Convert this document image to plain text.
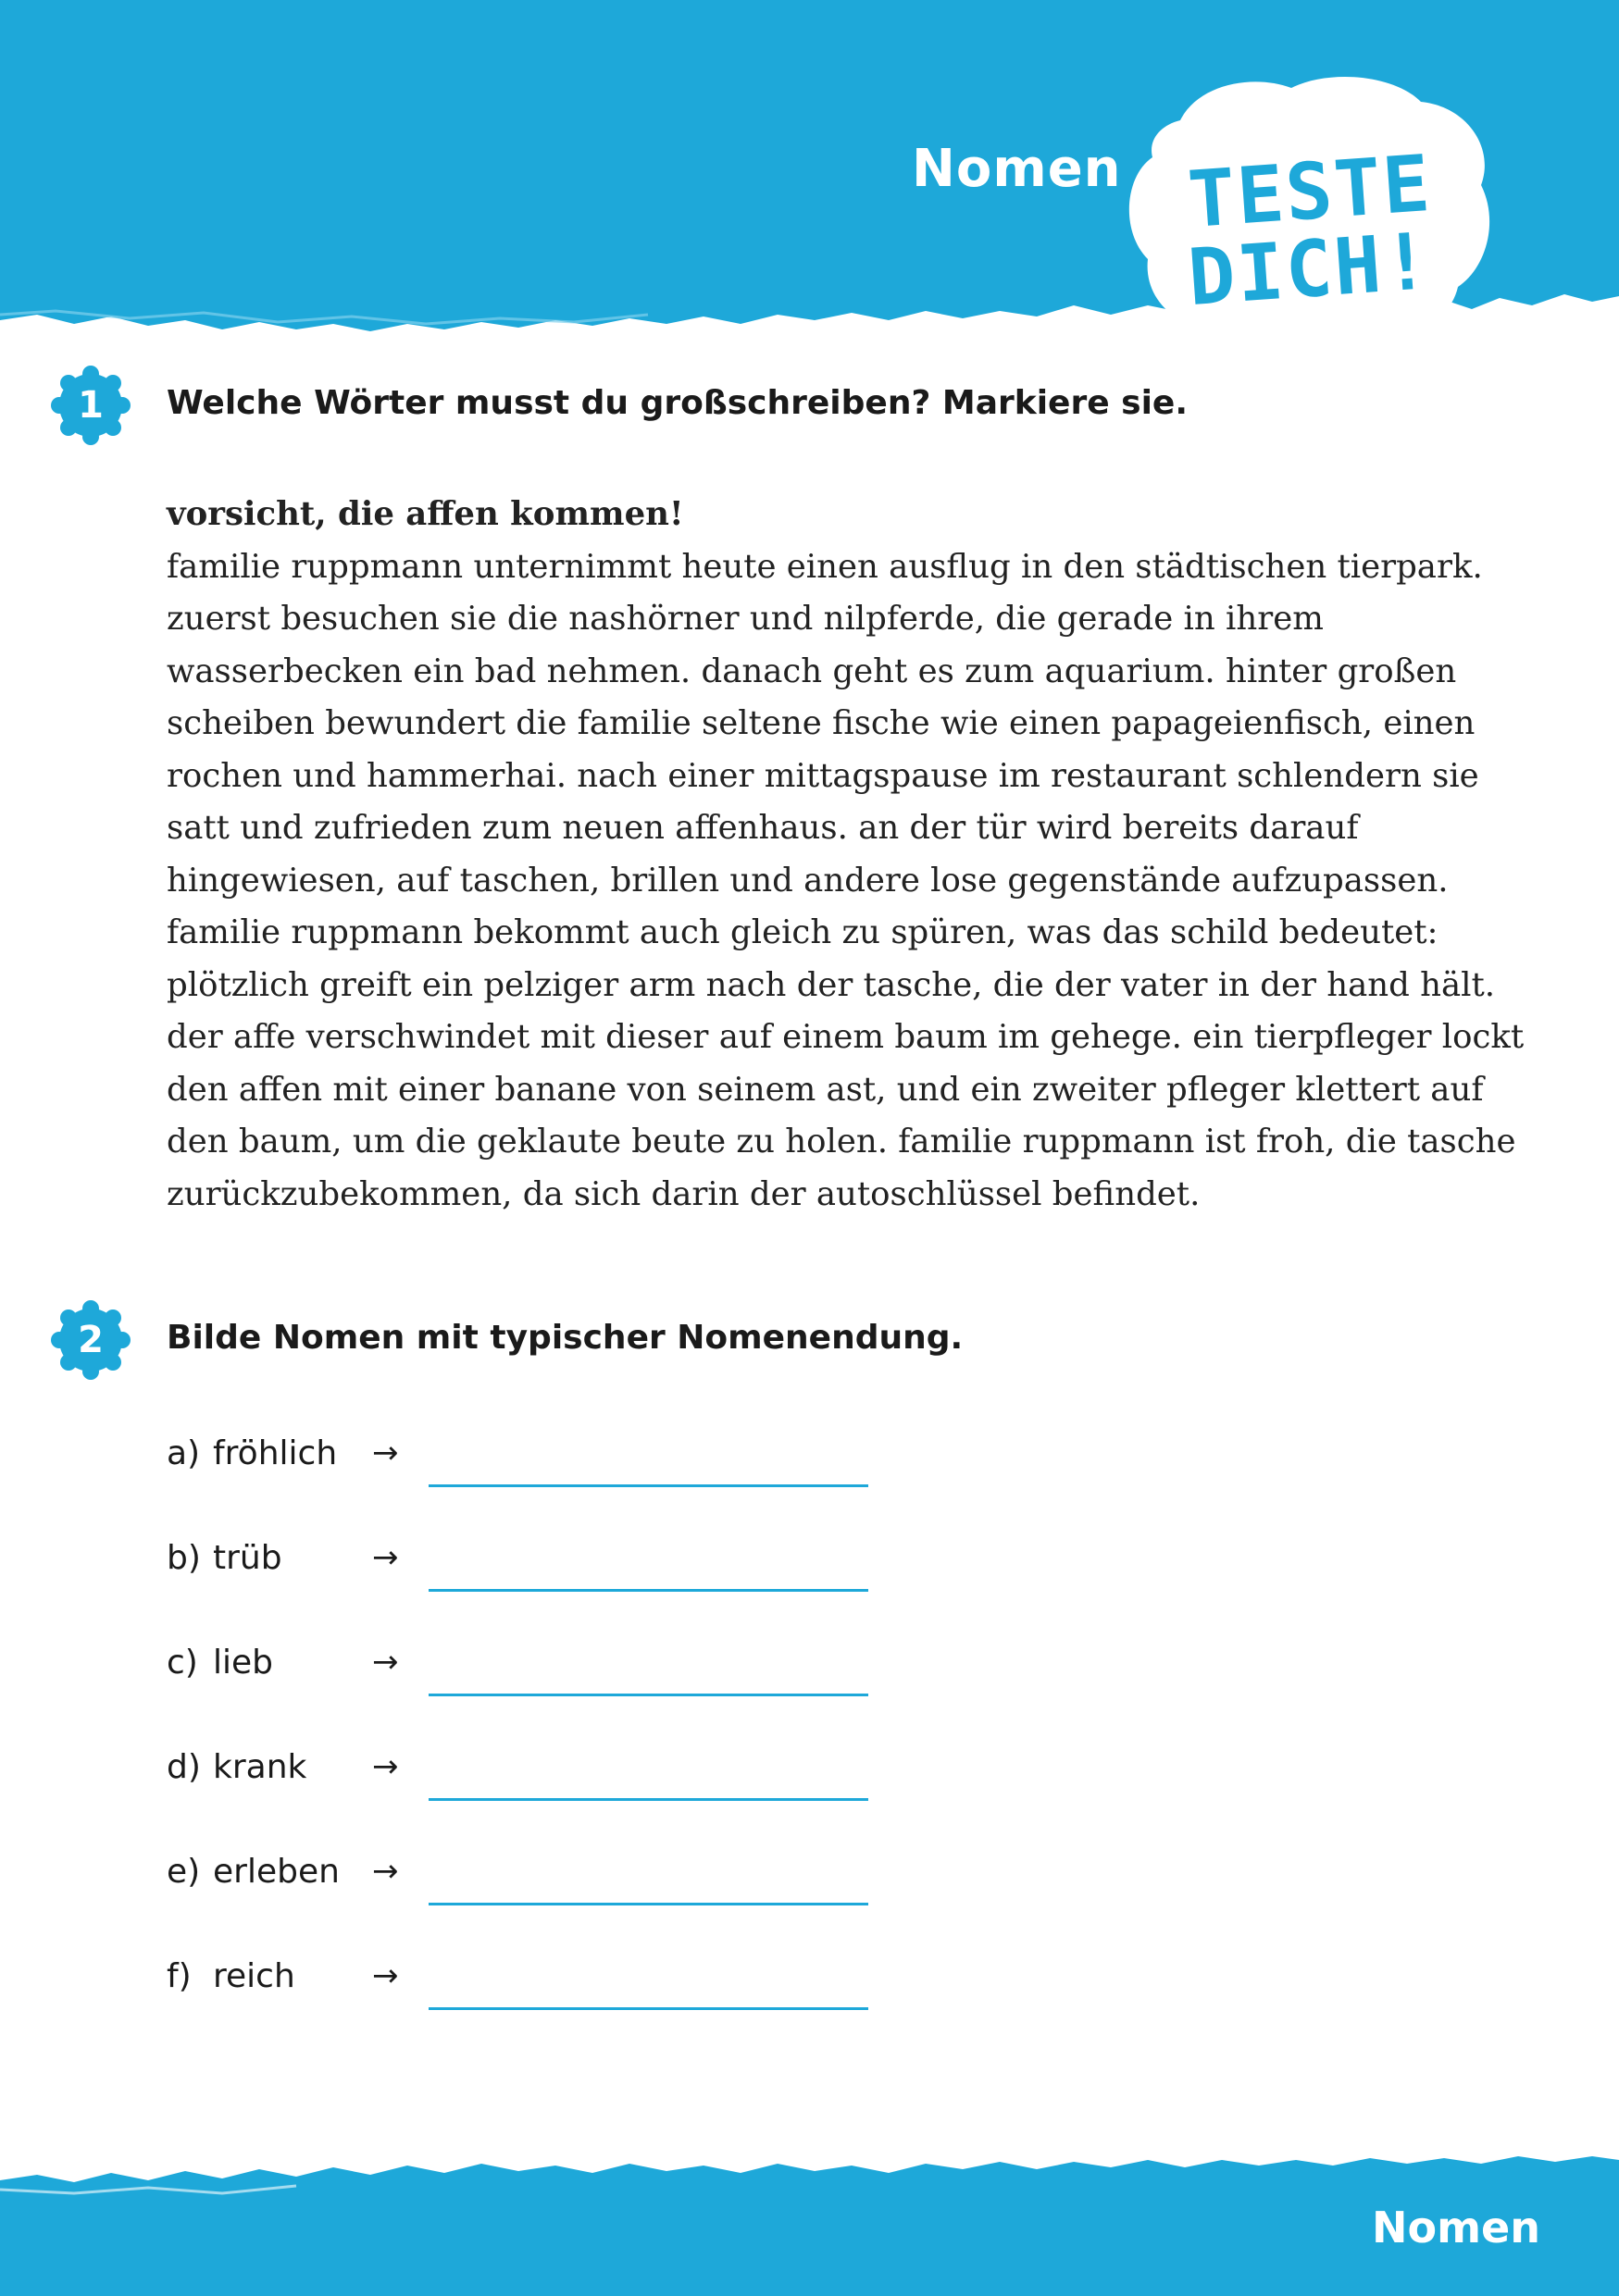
Nomen TESTE
DICH!
1	Welche Wörter musst du großschreiben? Markiere sie.
vorsicht, die affen kommen!
familie ruppmann unternimmt heute einen ausflug in den städtischen tierpark.
zuerst besuchen sie die nashörner und nilpferde, die gerade in ihrem
wasserbecken ein bad nehmen. danach geht es zum aquarium. hinter großen
scheiben bewundert die familie seltene fische wie einen papageienfisch, einen
rochen und hammerhai. nach einer mittagspause im restaurant schlendern sie
satt und zufrieden zum neuen affenhaus. an der tür wird bereits darauf
hingewiesen, auf taschen, brillen und andere lose gegenstände aufzupassen.
familie ruppmann bekommt auch gleich zu spüren, was das schild bedeutet:
plötzlich greift ein pelziger arm nach der tasche, die der vater in der hand hält.
der affe verschwindet mit dieser auf einem baum im gehege. ein tierpfleger lockt
den affen mit einer banane von seinem ast, und ein zweiter pfleger klettert auf
den baum, um die geklaute beute zu holen. familie ruppmann ist froh, die tasche
zurückzubekommen, da sich darin der autoschlüssel befindet.
2	Bilde Nomen mit typischer Nomenendung.
a) fröhlich →
b) trüb	→
c) lieb	→
d) krank →
e) erleben →
f) reich →

Nomen
